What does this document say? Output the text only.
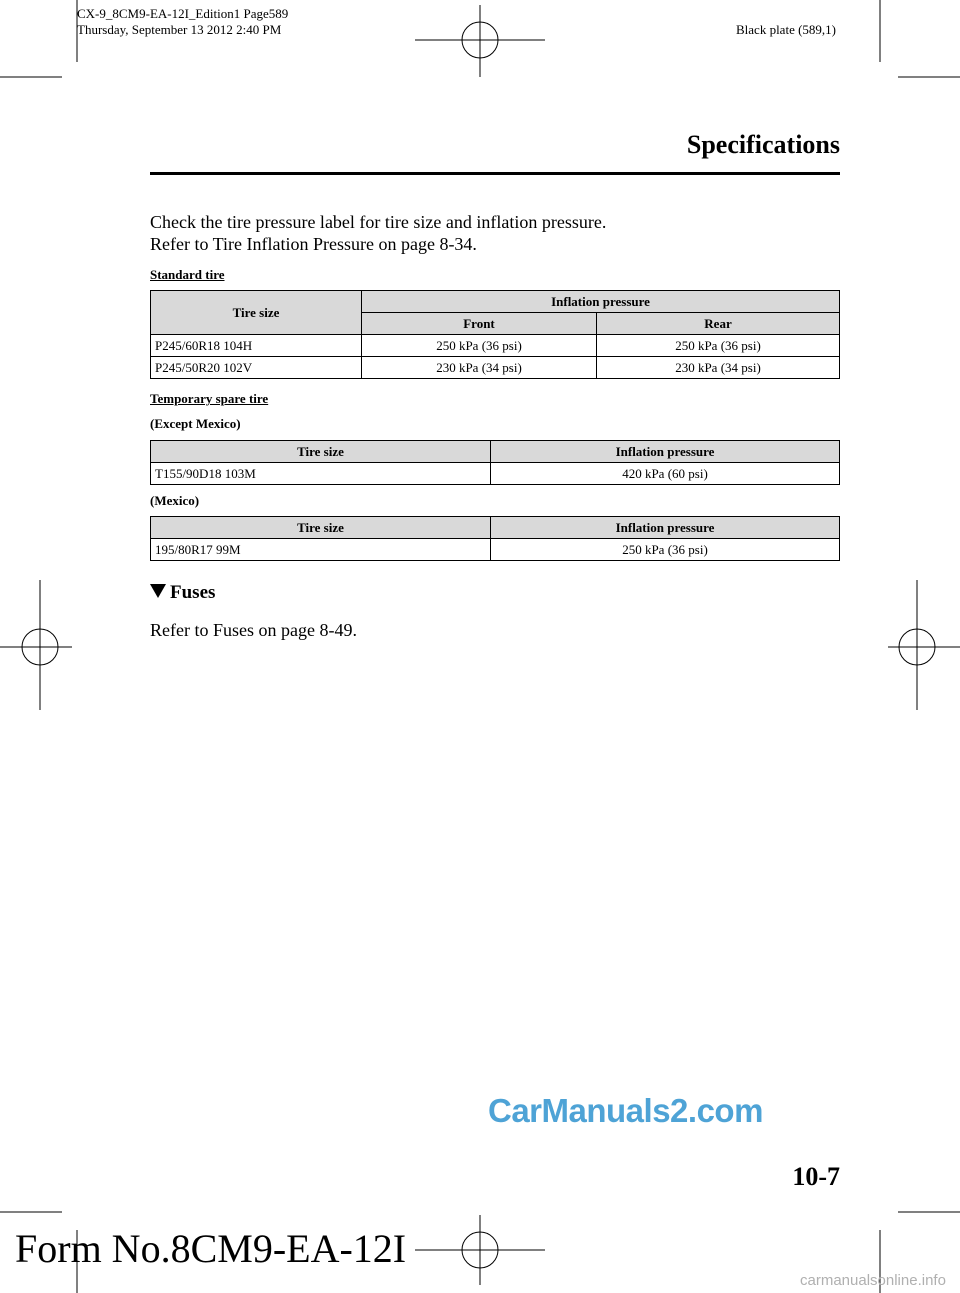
CX-9_8CM9-EA-12I_Edition1 Page589
Thursday, September 13 2012 2:40 PM	Black plate (589,1)
Specifications
Check the tire pressure label for tire size and inflation pressure.
Refer to Tire Inflation Pressure on page 8-34.
Standard tire
Tire size	Inflation pressure	
	Front	Rear
P245/60R18 104H	250 kPa (36 psi)	250 kPa (36 psi)
P245/50R20 102V	230 kPa (34 psi)	230 kPa (34 psi)
Temporary spare tire
(Except Mexico)
Tire size	Inflation pressure
T155/90D18 103M	420 kPa (60 psi)
(Mexico)
Tire size	Inflation pressure
195/80R17 99M	250 kPa (36 psi)
Fuses
Refer to Fuses on page 8-49.
CarManuals2.com
10-7
Form No.8CM9-EA-12I
carmanualsonline.info
